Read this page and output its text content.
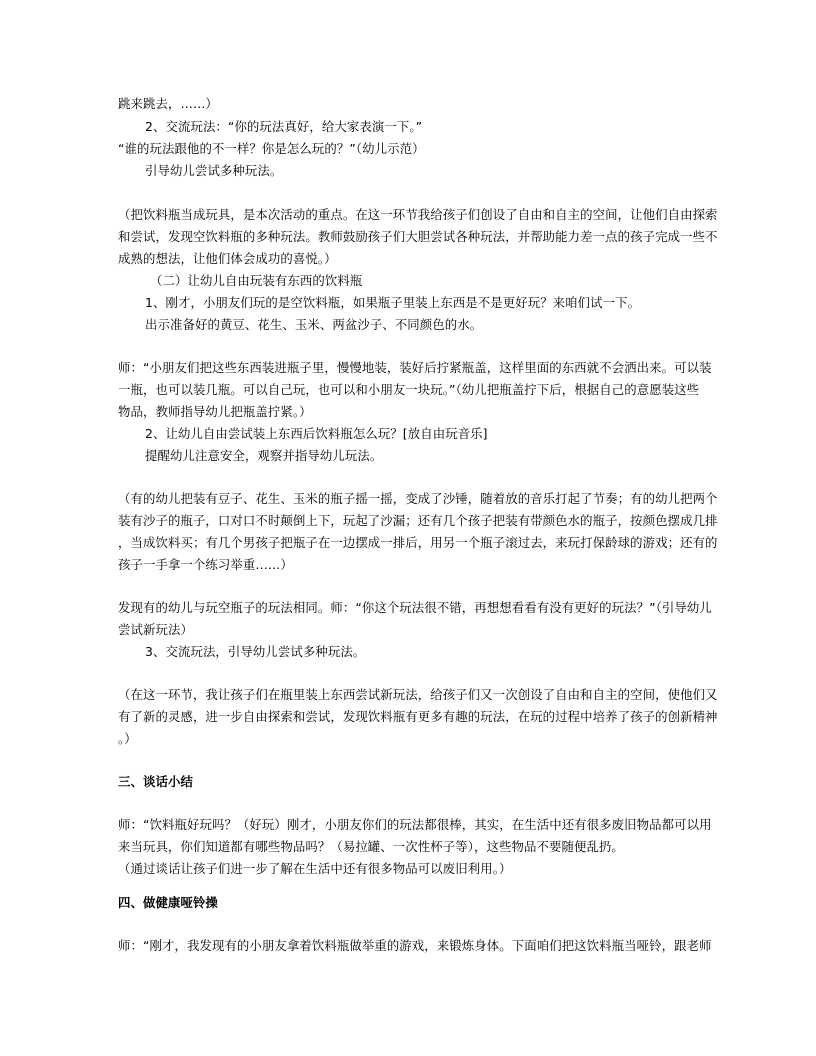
跳来跳去，……）

2、交流玩法：“你的玩法真好，给大家表演一下。”

“谁的玩法跟他的不一样？你是怎么玩的？”（幼儿示范）

引导幼儿尝试多种玩法。

（把饮料瓶当成玩具，是本次活动的重点。在这一环节我给孩子们创设了自由和自主的空间，让他们自由探索

和尝试，发现空饮料瓶的多种玩法。教师鼓励孩子们大胆尝试各种玩法，并帮助能力差一点的孩子完成一些不

成熟的想法，让他们体会成功的喜悦。）

（二）让幼儿自由玩装有东西的饮料瓶

1、刚才，小朋友们玩的是空饮料瓶，如果瓶子里装上东西是不是更好玩？来咱们试一下。

出示准备好的黄豆、花生、玉米、两盆沙子、不同颜色的水。

师：“小朋友们把这些东西装进瓶子里，慢慢地装，装好后拧紧瓶盖，这样里面的东西就不会洒出来。可以装

一瓶，也可以装几瓶。可以自己玩，也可以和小朋友一块玩。”（幼儿把瓶盖拧下后，根据自己的意愿装这些

物品，教师指导幼儿把瓶盖拧紧。）

2、让幼儿自由尝试装上东西后饮料瓶怎么玩？[放自由玩音乐]

提醒幼儿注意安全，观察并指导幼儿玩法。

（有的幼儿把装有豆子、花生、玉米的瓶子摇一摇，变成了沙锤，随着放的音乐打起了节奏；有的幼儿把两个

装有沙子的瓶子，口对口不时颠倒上下，玩起了沙漏；还有几个孩子把装有带颜色水的瓶子，按颜色摆成几排

，当成饮料买；有几个男孩子把瓶子在一边摆成一排后，用另一个瓶子滚过去，来玩打保龄球的游戏；还有的

孩子一手拿一个练习举重……）

发现有的幼儿与玩空瓶子的玩法相同。师：“你这个玩法很不错，再想想看看有没有更好的玩法？”（引导幼儿

尝试新玩法）

3、交流玩法，引导幼儿尝试多种玩法。

（在这一环节，我让孩子们在瓶里装上东西尝试新玩法，给孩子们又一次创设了自由和自主的空间，使他们又

有了新的灵感，进一步自由探索和尝试，发现饮料瓶有更多有趣的玩法，在玩的过程中培养了孩子的创新精神

。）

三、谈话小结

师：“饮料瓶好玩吗？（好玩）刚才，小朋友你们的玩法都很棒，其实，在生活中还有很多废旧物品都可以用

来当玩具，你们知道都有哪些物品吗？（易拉罐、一次性杯子等），这些物品不要随便乱扔。

（通过谈话让孩子们进一步了解在生活中还有很多物品可以废旧利用。）

四、做健康哑铃操

师：“刚才，我发现有的小朋友拿着饮料瓶做举重的游戏，来锻炼身体。下面咱们把这饮料瓶当哑铃，跟老师
